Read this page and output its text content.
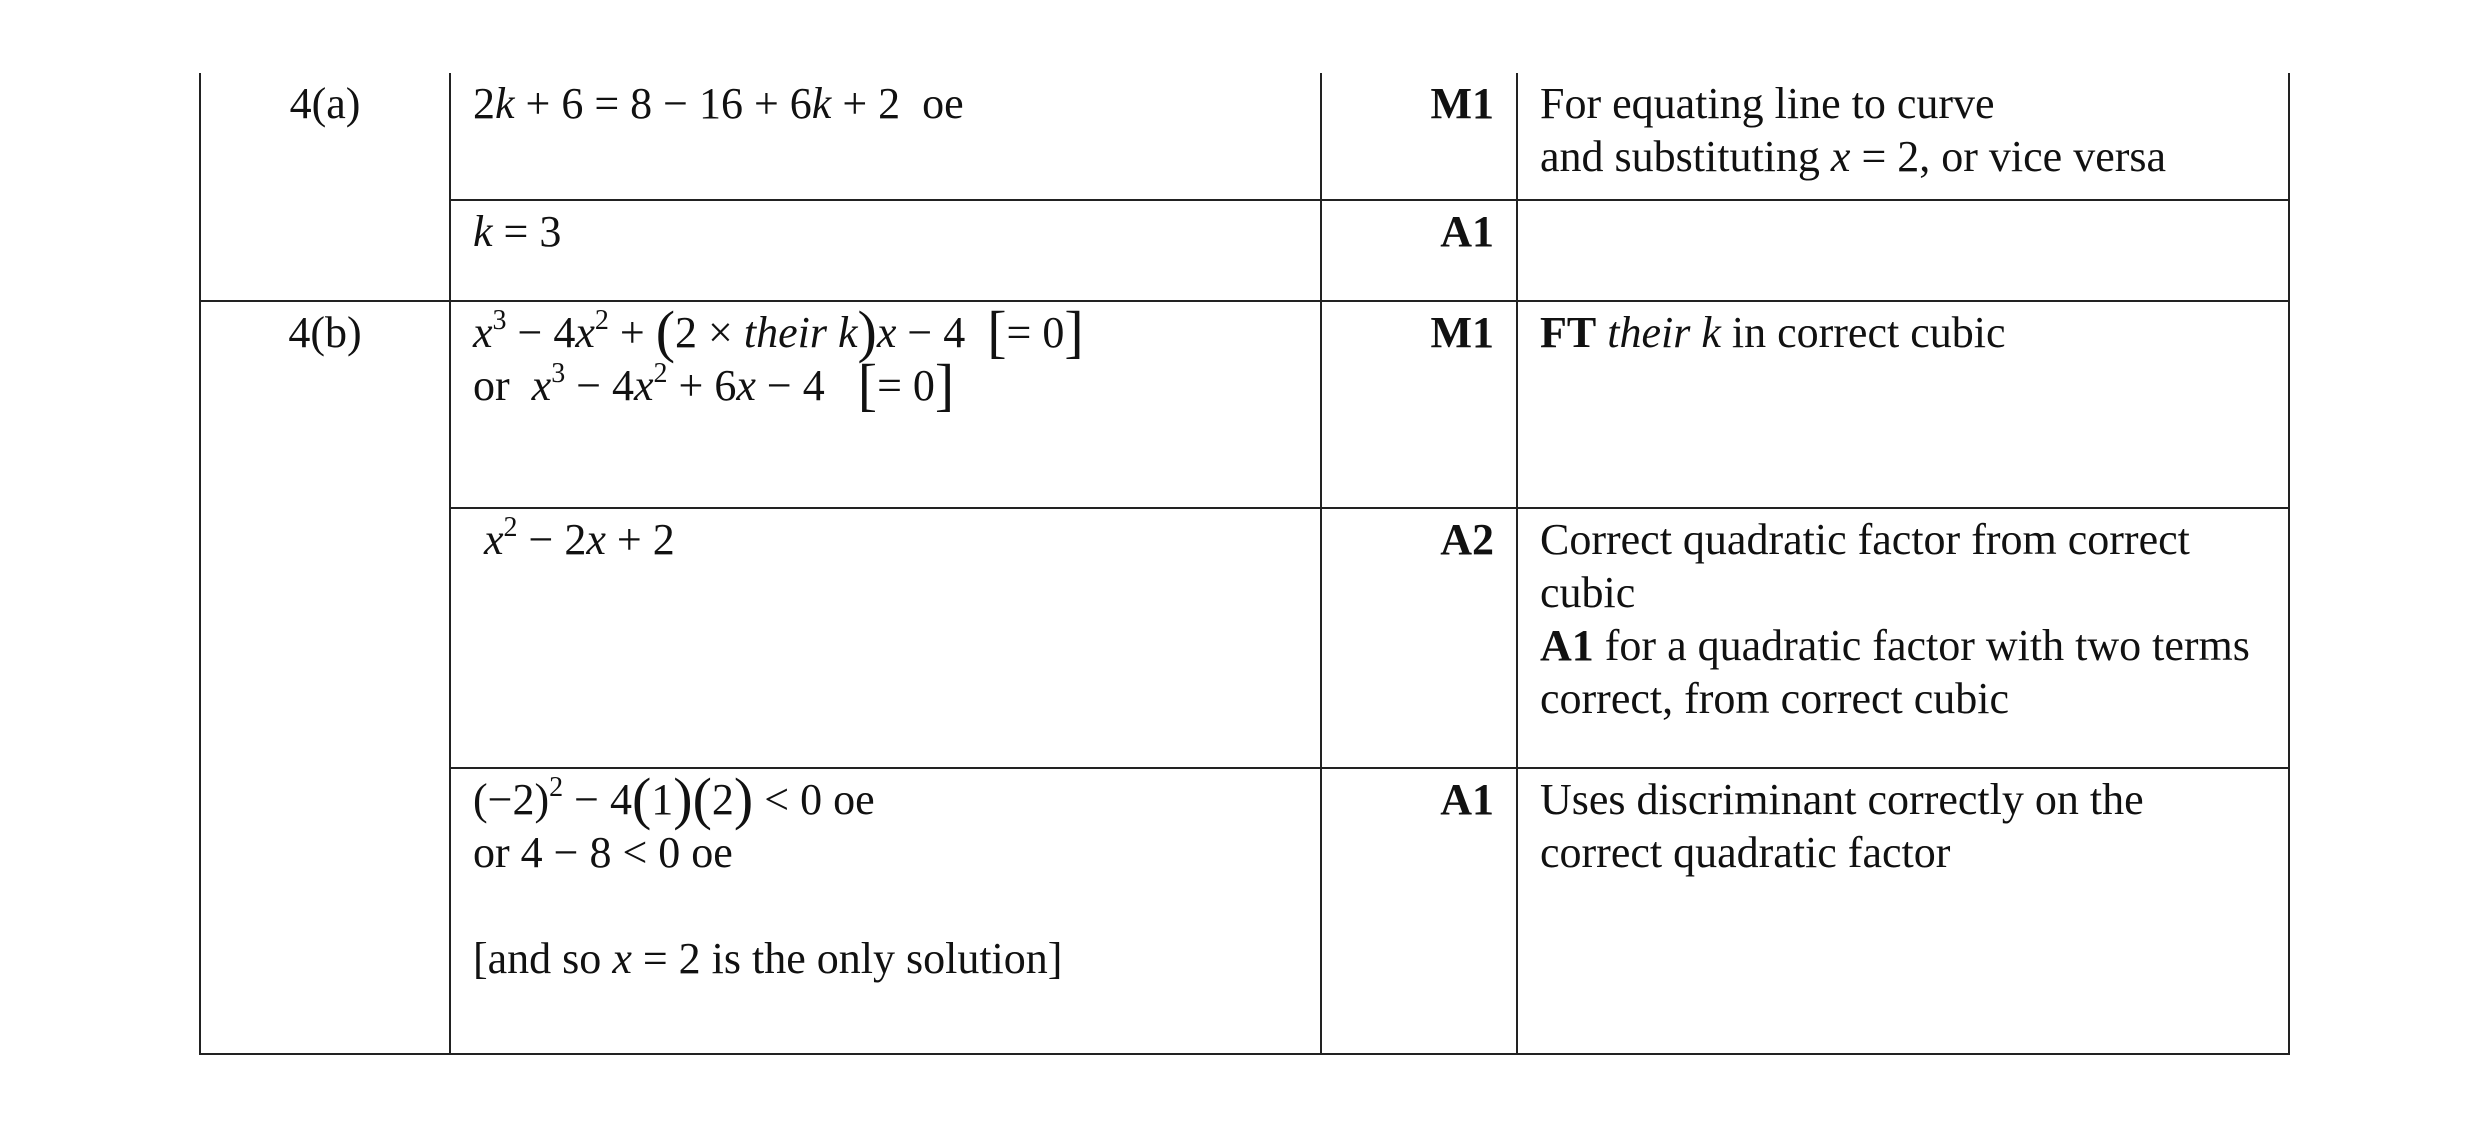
4(a)	2k + 6 = 8 − 16 + 6k + 2  oe	M1	For equating line to curve
and substituting x = 2, or vice versa

	k = 3	A1	
4(b)	$x^3 - 4x^2 + (2$ × their k)x − 4  [= 0]
or  $x^3 - 4x^2 + 6x - 4$   [= 0]	M1	FT their k in correct cubic

	$x^2 - 2x + 2$	A2	Correct quadratic factor from correct cubic
A1 for a quadratic factor with two terms correct, from correct cubic

	$(-2)^2 - 4(1)(2) < 0$ oe
or 4 − 8 < 0 oe
[and so x = 2 is the only solution]	A1	Uses discriminant correctly on the
correct quadratic factor
